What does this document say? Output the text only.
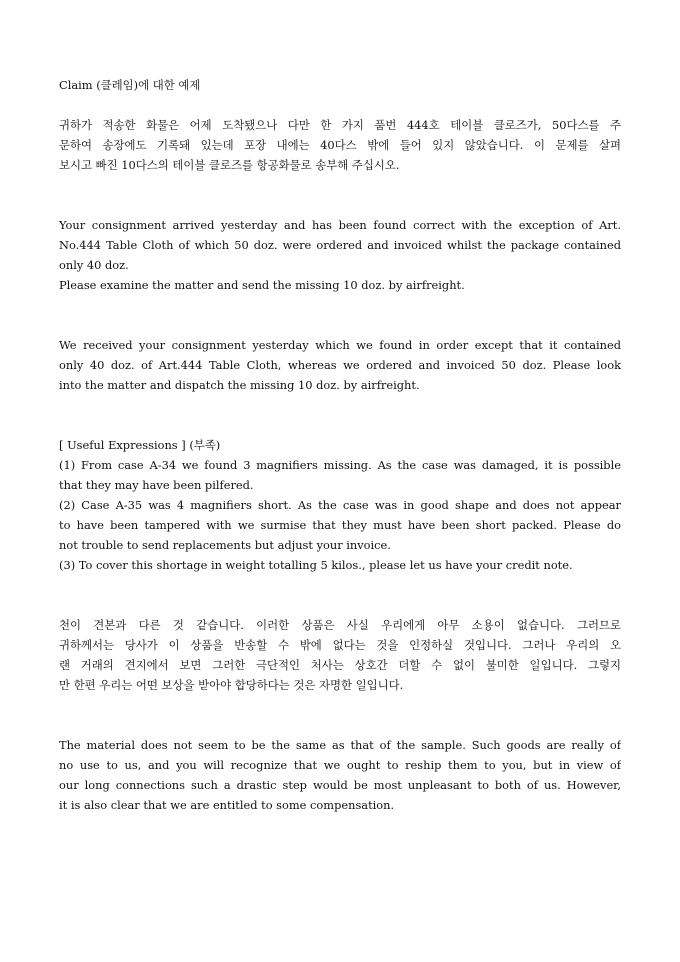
Claim (클레임)에 대한 예제
귀하가 적송한 화물은 어제 도착됐으나 다만 한 가지 품번 444호 테이블 클로즈가, 50다스를 주
문하여 송장에도 기록돼 있는데 포장 내에는 40다스 밖에 들어 있지 않았습니다. 이 문제를 살펴
보시고 빠진 10다스의 테이블 클로즈를 항공화물로 송부해 주십시오.
Your consignment arrived yesterday and has been found correct with the exception of Art.
No.444 Table Cloth of which 50 doz. were ordered and invoiced whilst the package contained
only 40 doz.
Please examine the matter and send the missing 10 doz. by airfreight.
We received your consignment yesterday which we found in order except that it contained
only 40 doz. of Art.444 Table Cloth, whereas we ordered and invoiced 50 doz. Please look
into the matter and dispatch the missing 10 doz. by airfreight.
[ Useful Expressions ] (부족)
(1) From case A-34 we found 3 magnifiers missing. As the case was damaged, it is possible
that they may have been pilfered.
(2) Case A-35 was 4 magnifiers short. As the case was in good shape and does not appear
to have been tampered with we surmise that they must have been short packed. Please do
not trouble to send replacements but adjust your invoice.
(3) To cover this shortage in weight totalling 5 kilos., please let us have your credit note.
천이 견본과 다른 것 같습니다. 이러한 상품은 사실 우리에게 아무 소용이 없습니다. 그러므로
귀하께서는 당사가 이 상품을 반송할 수 밖에 없다는 것을 인정하실 것입니다. 그러나 우리의 오
랜 거래의 견지에서 보면 그러한 극단적인 처사는 상호간 더할 수 없이 불미한 일입니다. 그렇지
만 한편 우리는 어떤 보상을 받아야 합당하다는 것은 자명한 일입니다.
The material does not seem to be the same as that of the sample. Such goods are really of
no use to us, and you will recognize that we ought to reship them to you, but in view of
our long connections such a drastic step would be most unpleasant to both of us. However,
it is also clear that we are entitled to some compensation.
